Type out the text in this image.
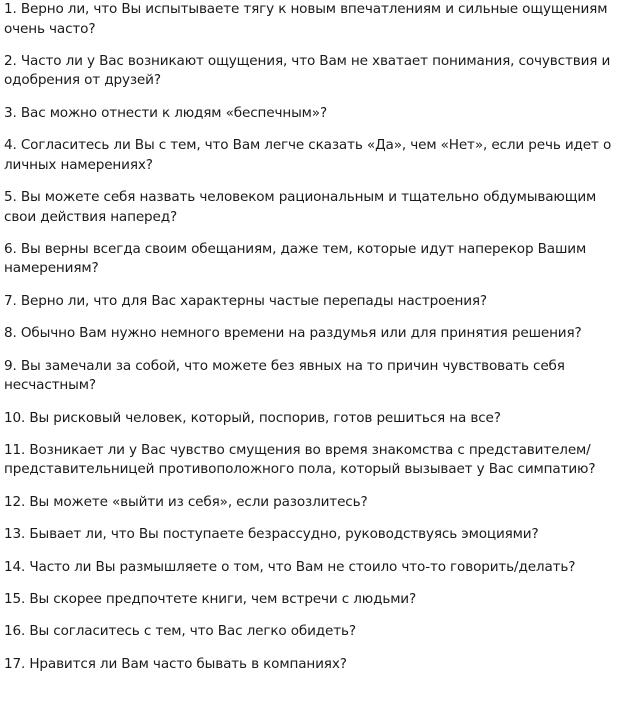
1. Верно ли, что Вы испытываете тягу к новым впечатлениям и сильные ощущениям
очень часто?
2. Часто ли у Вас возникают ощущения, что Вам не хватает понимания, сочувствия и
одобрения от друзей?
3. Вас можно отнести к людям «беспечным»?
4. Согласитесь ли Вы с тем, что Вам легче сказать «Да», чем «Нет», если речь идет о
личных намерениях?
5. Вы можете себя назвать человеком рациональным и тщательно обдумывающим
свои действия наперед?
6. Вы верны всегда своим обещаниям, даже тем, которые идут наперекор Вашим
намерениям?
7. Верно ли, что для Вас характерны частые перепады настроения?
8. Обычно Вам нужно немного времени на раздумья или для принятия решения?
9. Вы замечали за собой, что можете без явных на то причин чувствовать себя
несчастным?
10. Вы рисковый человек, который, поспорив, готов решиться на все?
11. Возникает ли у Вас чувство смущения во время знакомства с представителем/
представительницей противоположного пола, который вызывает у Вас симпатию?
12. Вы можете «выйти из себя», если разозлитесь?
13. Бывает ли, что Вы поступаете безрассудно, руководствуясь эмоциями?
14. Часто ли Вы размышляете о том, что Вам не стоило что-то говорить/делать?
15. Вы скорее предпочтете книги, чем встречи с людьми?
16. Вы согласитесь с тем, что Вас легко обидеть?
17. Нравится ли Вам часто бывать в компаниях?
